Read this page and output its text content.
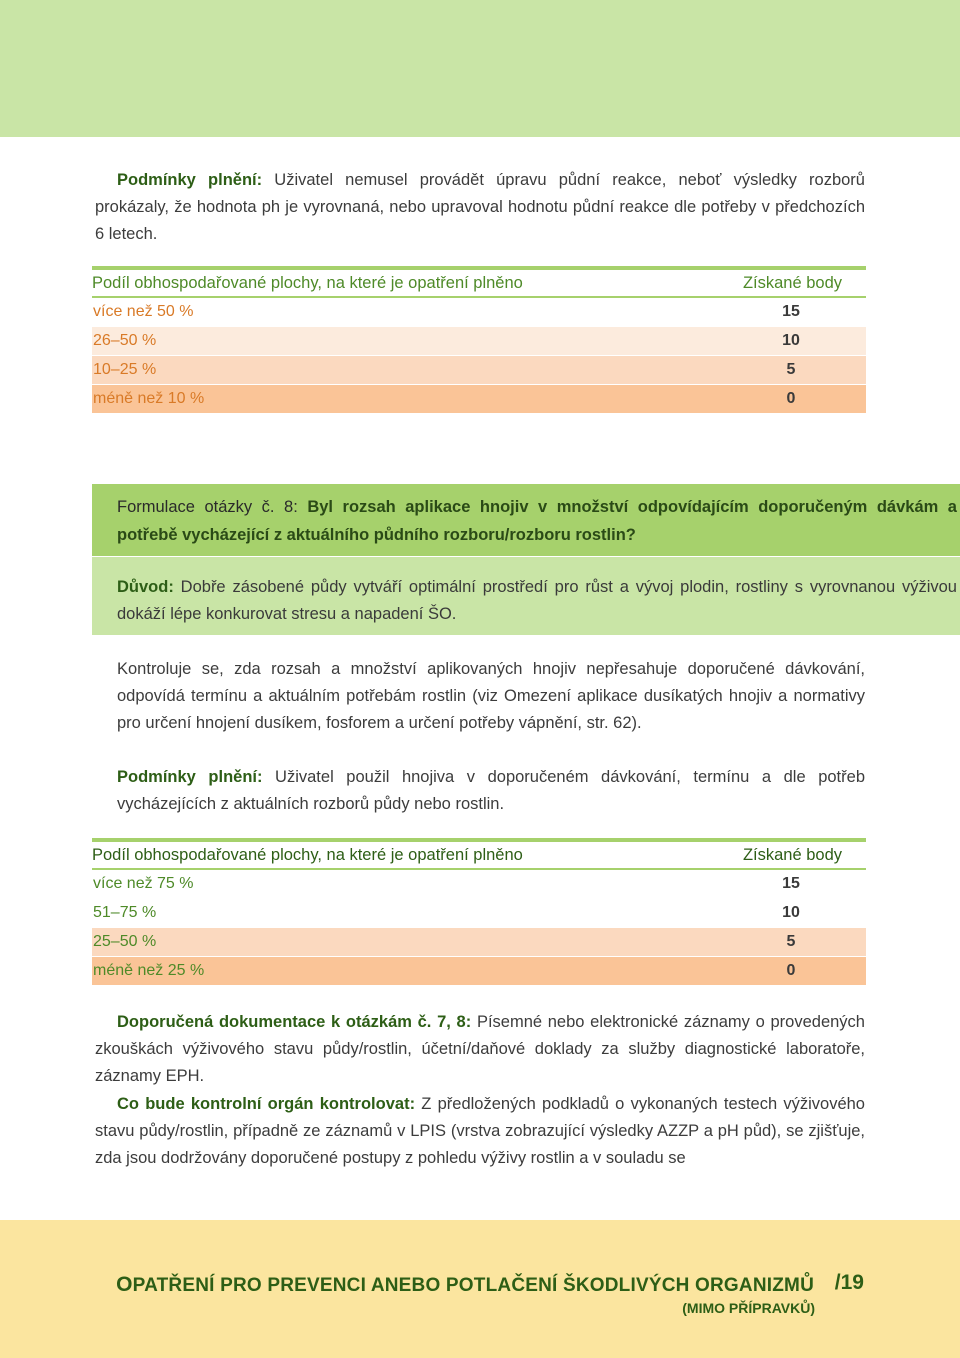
Podmínky plnění: Uživatel nemusel provádět úpravu půdní reakce, neboť výsledky rozborů prokázaly, že hodnota ph je vyrovnaná, nebo upravoval hodnotu půdní reakce dle potřeby v předchozích 6 letech.

Podíl obhospodařované plochy, na které je opatření plněno	Získané body
více než 50 %	15
26–50 %	10
10–25 %	5
méně než 10 %	0
Formulace otázky č. 8: Byl rozsah aplikace hnojiv v množství odpovídajícím doporučeným dávkám a potřebě vycházející z aktuálního půdního rozboru/rozboru rostlin?
Důvod: Dobře zásobené půdy vytváří optimální prostředí pro růst a vývoj plodin, rostliny s vyrovnanou výživou dokáží lépe konkurovat stresu a napadení ŠO.

Kontroluje se, zda rozsah a množství aplikovaných hnojiv nepřesahuje doporučené dávkování, odpovídá termínu a aktuálním potřebám rostlin (viz Omezení aplikace dusíkatých hnojiv a normativy pro určení hnojení dusíkem, fosforem a určení potřeby vápnění, str. 62).

Podmínky plnění: Uživatel použil hnojiva v doporučeném dávkování, termínu a dle potřeb vycházejících z aktuálních rozborů půdy nebo rostlin.

Podíl obhospodařované plochy, na které je opatření plněno	Získané body
více než 75 %	15
51–75 %	10
25–50 %	5
méně než 25 %	0

Doporučená dokumentace k otázkám č. 7, 8: Písemné nebo elektronické záznamy o provedených zkouškách výživového stavu půdy/rostlin, účetní/daňové doklady za služby diagnostické laboratoře, záznamy EPH.

Co bude kontrolní orgán kontrolovat: Z předložených podkladů o vykonaných testech výživového stavu půdy/rostlin, případně ze záznamů v LPIS (vrstva zobrazující výsledky AZZP a pH půd), se zjišťuje, zda jsou dodržovány doporučené postupy z pohledu výživy rostlin a v souladu se

OPATŘENÍ PRO PREVENCI ANEBO POTLAČENÍ ŠKODLIVÝCH ORGANIZMŮ /19
(MIMO PŘÍPRAVKŮ)
